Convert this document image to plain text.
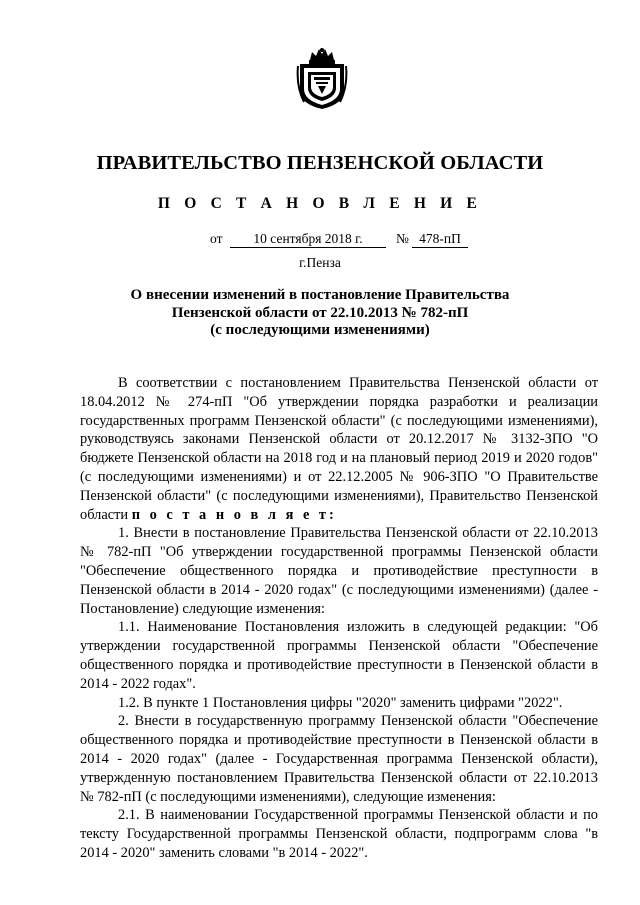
ПРАВИТЕЛЬСТВО ПЕНЗЕНСКОЙ ОБЛАСТИ
П О С Т А Н О В Л Е Н И Е
от	10 сентября 2018 г.	№ 478-пП
г.Пенза
О внесении изменений в постановление Правительства
Пензенской области от 22.10.2013 № 782-пП
(с последующими изменениями)

В соответствии с постановлением Правительства Пензенской области от 18.04.2012 № 274-пП "Об утверждении порядка разработки и реализации государственных программ Пензенской области" (с последующими изменениями), руководствуясь законами Пензенской области от 20.12.2017 № 3132-ЗПО "О бюджете Пензенской области на 2018 год и на плановый период 2019 и 2020 годов" (с последующими изменениями) и от 22.12.2005 № 906-ЗПО "О Правительстве Пензенской области" (с последующими изменениями), Правительство Пензенской области п о с т а н о в л я е т:

1. Внести в постановление Правительства Пензенской области от 22.10.2013 № 782-пП "Об утверждении государственной программы Пензенской области "Обеспечение общественного порядка и противодействие преступности в Пензенской области в 2014 - 2020 годах" (с последующими изменениями) (далее - Постановление) следующие изменения:

1.1. Наименование Постановления изложить в следующей редакции: "Об утверждении государственной программы Пензенской области "Обеспечение общественного порядка и противодействие преступности в Пензенской области в 2014 - 2022 годах".

1.2. В пункте 1 Постановления цифры "2020" заменить цифрами "2022".

2. Внести в государственную программу Пензенской области "Обеспечение общественного порядка и противодействие преступности в Пензенской области в 2014 - 2020 годах" (далее - Государственная программа Пензенской области), утвержденную постановлением Правительства Пензенской области от 22.10.2013 № 782-пП (с последующими изменениями), следующие изменения:

2.1. В наименовании Государственной программы Пензенской области и по тексту Государственной программы Пензенской области, подпрограмм слова "в 2014 - 2020" заменить словами "в 2014 - 2022".
